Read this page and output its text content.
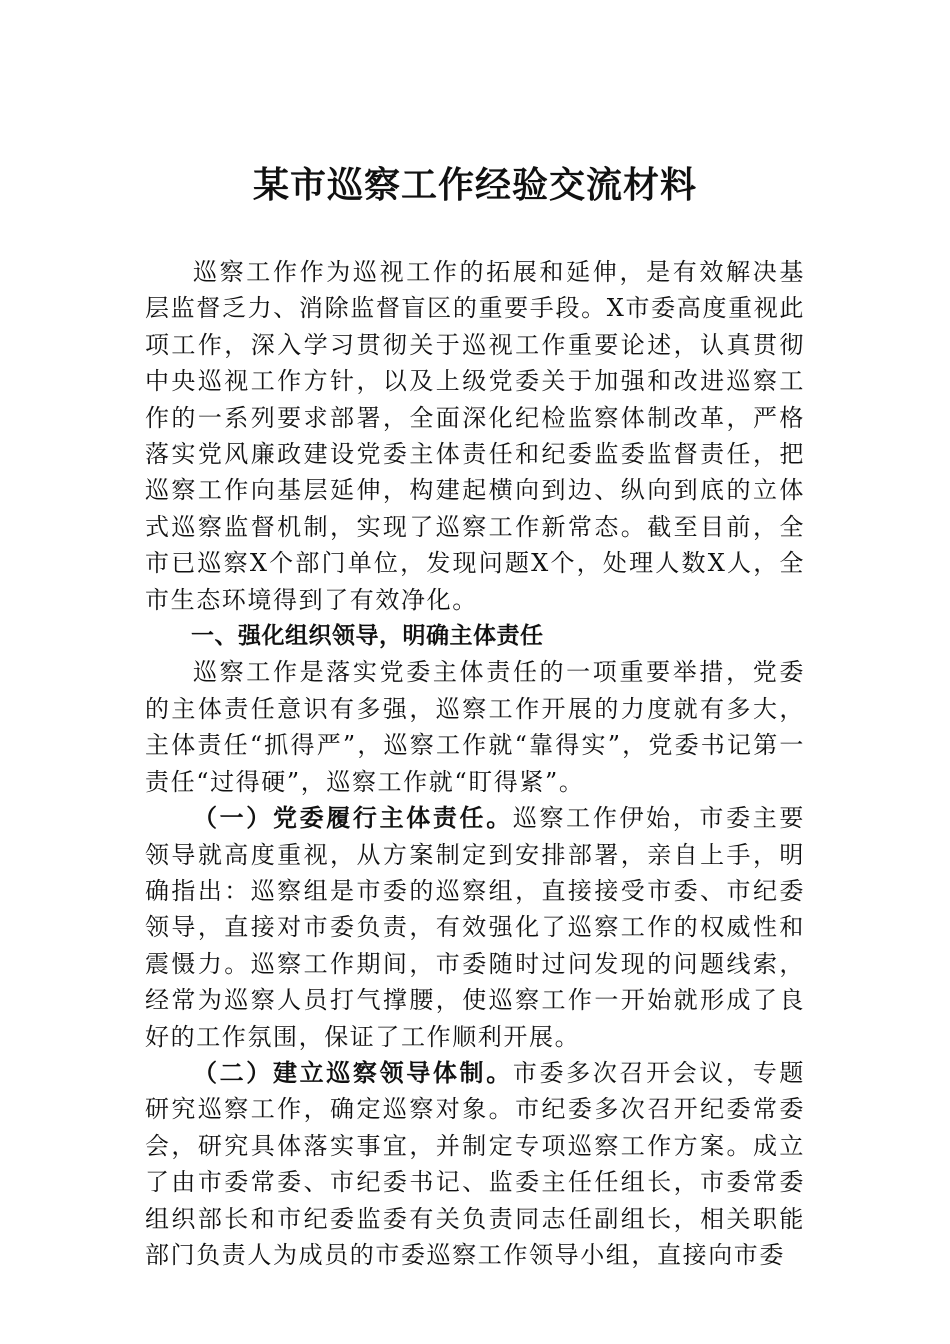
某市巡察工作经验交流材料

巡察工作作为巡视工作的拓展和延伸，是有效解决基层监督乏力、消除监督盲区的重要手段。X市委高度重视此项工作，深入学习贯彻关于巡视工作重要论述，认真贯彻中央巡视工作方针，以及上级党委关于加强和改进巡察工作的一系列要求部署，全面深化纪检监察体制改革，严格落实党风廉政建设党委主体责任和纪委监委监督责任，把巡察工作向基层延伸，构建起横向到边、纵向到底的立体式巡察监督机制，实现了巡察工作新常态。截至目前，全市已巡察X个部门单位，发现问题X个，处理人数X人，全市生态环境得到了有效净化。

一、强化组织领导，明确主体责任

巡察工作是落实党委主体责任的一项重要举措，党委的主体责任意识有多强，巡察工作开展的力度就有多大，主体责任“抓得严”，巡察工作就“靠得实”，党委书记第一责任“过得硬”，巡察工作就“盯得紧”。

（一）党委履行主体责任。巡察工作伊始，市委主要领导就高度重视，从方案制定到安排部署，亲自上手，明确指出：巡察组是市委的巡察组，直接接受市委、市纪委领导，直接对市委负责，有效强化了巡察工作的权威性和震慑力。巡察工作期间，市委随时过问发现的问题线索，经常为巡察人员打气撑腰，使巡察工作一开始就形成了良好的工作氛围，保证了工作顺利开展。

（二）建立巡察领导体制。市委多次召开会议，专题研究巡察工作，确定巡察对象。市纪委多次召开纪委常委会，研究具体落实事宜，并制定专项巡察工作方案。成立了由市委常委、市纪委书记、监委主任任组长，市委常委组织部长和市纪委监委有关负责同志任副组长，相关职能部门负责人为成员的市委巡察工作领导小组，直接向市委
